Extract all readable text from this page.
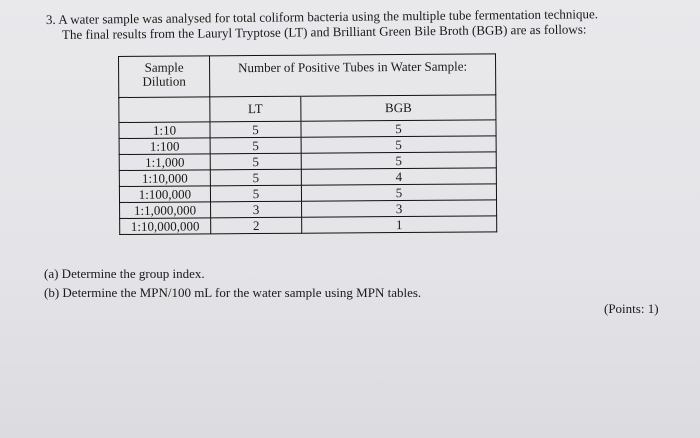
3. A water sample was analysed for total coliform bacteria using the multiple tube fermentation technique.
The final results from the Lauryl Tryptose (LT) and Brilliant Green Bile Broth (BGB) are as follows:
Sample
Dilution	Number of Positive Tubes in Water Sample:	

	LT	BGB
1:10	5	5
1:100	5	5
1:1,000	5	5
1:10,000	5	4
1:100,000	5	5
1:1,000,000	3	3
1:10,000,000	2	1
(a) Determine the group index.
(b) Determine the MPN/100 mL for the water sample using MPN tables.
(Points: 1)
